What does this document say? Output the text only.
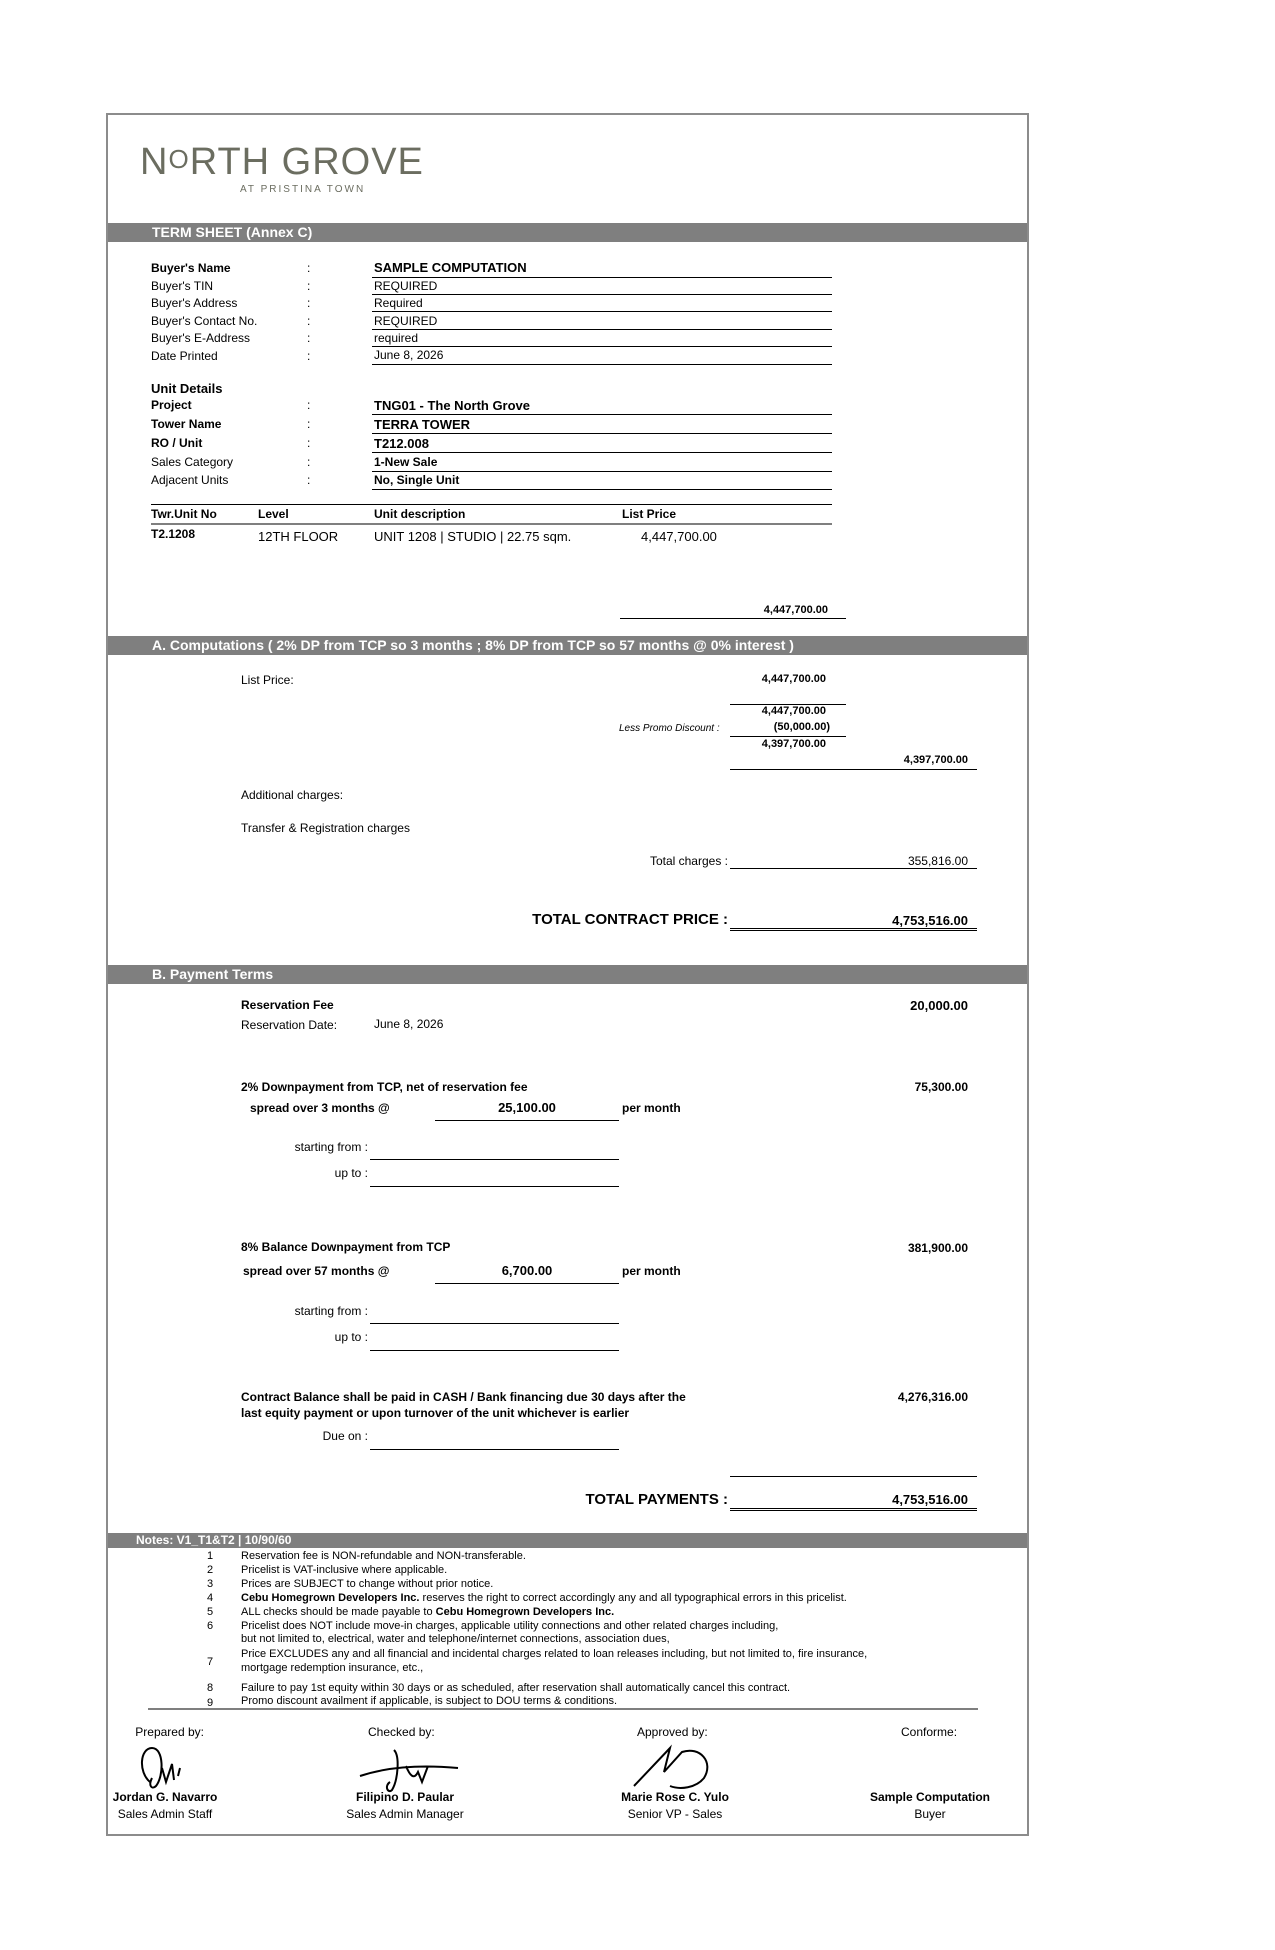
NORTH GROVE
AT PRISTINA TOWN
TERM SHEET (Annex C)
Buyer's Name	:	SAMPLE COMPUTATION
Buyer's TIN	:	REQUIRED
Buyer's Address	:	Required
Buyer's Contact No.	:	REQUIRED
Buyer's E-Address	:	required
Date Printed	:	June 8, 2026
Unit Details
Project	:	TNG01 - The North Grove
Tower Name	:	TERRA TOWER
RO / Unit	:	T212.008
Sales Category	:	1-New Sale
Adjacent Units	:	No, Single Unit
Twr.Unit No	Level	Unit description	List Price
T2.1208	12TH FLOOR	UNIT 1208 | STUDIO | 22.75 sqm.	4,447,700.00
4,447,700.00
A. Computations ( 2% DP from TCP so 3 months ; 8% DP from TCP so 57 months @ 0% interest )
List Price:	4,447,700.00
4,447,700.00
Less Promo Discount :	(50,000.00)
4,397,700.00
4,397,700.00
Additional charges:
Transfer & Registration charges
Total charges :	355,816.00
TOTAL CONTRACT PRICE :	4,753,516.00
B. Payment Terms
Reservation Fee	20,000.00
Reservation Date:	June 8, 2026
2% Downpayment from TCP, net of reservation fee	75,300.00
spread over 3 months @	25,100.00	per month
starting from :
up to :
8% Balance Downpayment from TCP	381,900.00
spread over 57 months @	6,700.00	per month
starting from :
up to :
Contract Balance shall be paid in CASH / Bank financing due 30 days after the
last equity payment or upon turnover of the unit whichever is earlier
4,276,316.00
Due on :
TOTAL PAYMENTS :	4,753,516.00
Notes: V1_T1&T2 | 10/90/60
1	Reservation fee is NON-refundable and NON-transferable.
2	Pricelist is VAT-inclusive where applicable.
3	Prices are SUBJECT to change without prior notice.
4	Cebu Homegrown Developers Inc. reserves the right to correct accordingly any and all typographical errors in this pricelist.
5	ALL checks should be made payable to Cebu Homegrown Developers Inc.
6	Pricelist does NOT include move-in charges, applicable utility connections and other related charges including,
but not limited to, electrical, water and telephone/internet connections, association dues,
7
Price EXCLUDES any and all financial and incidental charges related to loan releases including, but not limited to, fire insurance,
mortgage redemption insurance, etc.,
8	Failure to pay 1st equity within 30 days or as scheduled, after reservation shall automatically cancel this contract.
9	Promo discount availment if applicable, is subject to DOU terms & conditions.
Prepared by:	Checked by:	Approved by:	Conforme:
Jordan G. Navarro
Sales Admin Staff
Filipino D. Paular
Sales Admin Manager
Marie Rose C. Yulo
Senior VP - Sales
Sample Computation
Buyer
